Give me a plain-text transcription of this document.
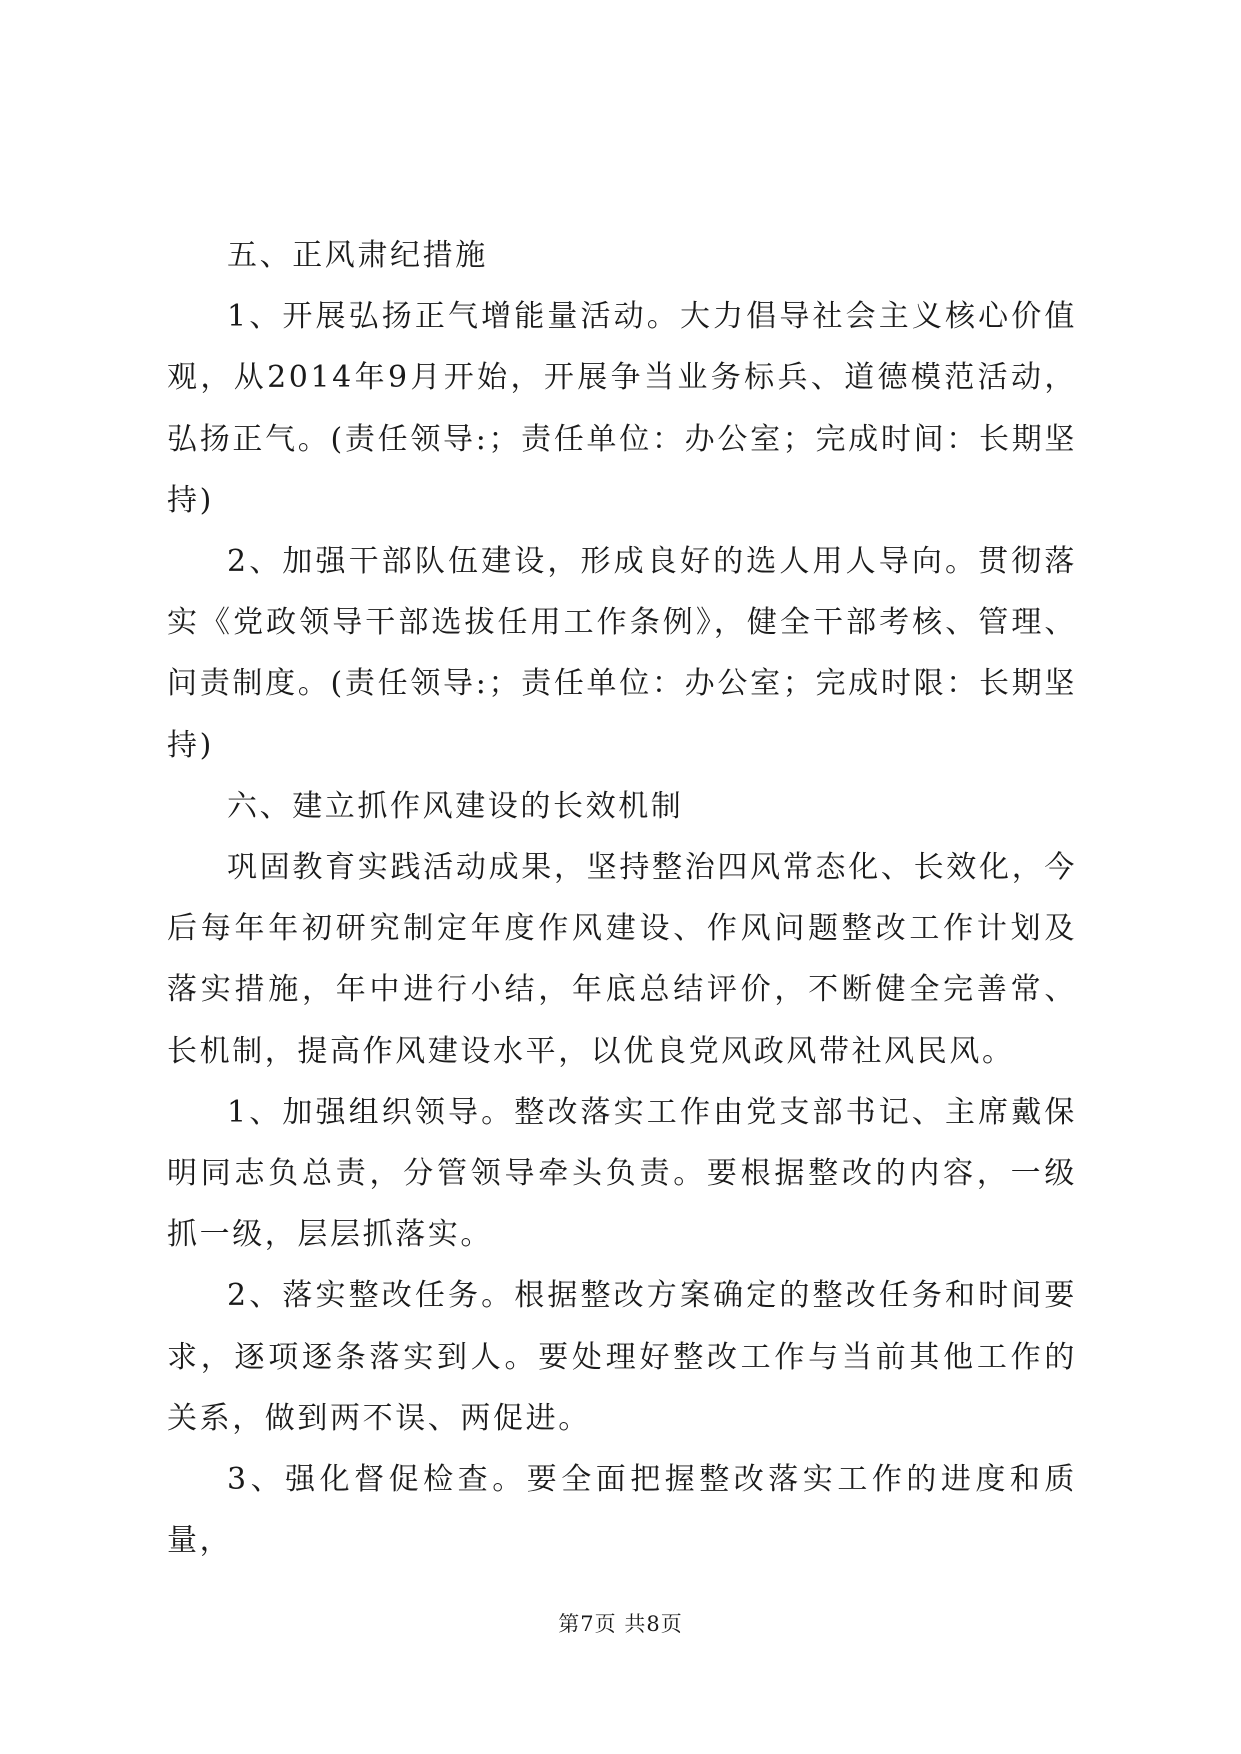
五、正风肃纪措施

1、开展弘扬正气增能量活动。大力倡导社会主义核心价值观，从2014年9月开始，开展争当业务标兵、道德模范活动，弘扬正气。(责任领导:；责任单位：办公室；完成时间：长期坚持)

2、加强干部队伍建设，形成良好的选人用人导向。贯彻落实《党政领导干部选拔任用工作条例》，健全干部考核、管理、问责制度。(责任领导:；责任单位：办公室；完成时限：长期坚持)

六、建立抓作风建设的长效机制

巩固教育实践活动成果，坚持整治四风常态化、长效化，今后每年年初研究制定年度作风建设、作风问题整改工作计划及落实措施，年中进行小结，年底总结评价，不断健全完善常、长机制，提高作风建设水平，以优良党风政风带社风民风。

1、加强组织领导。整改落实工作由党支部书记、主席戴保明同志负总责，分管领导牵头负责。要根据整改的内容，一级抓一级，层层抓落实。

2、落实整改任务。根据整改方案确定的整改任务和时间要求，逐项逐条落实到人。要处理好整改工作与当前其他工作的关系，做到两不误、两促进。

3、强化督促检查。要全面把握整改落实工作的进度和质量，

第7页 共8页
